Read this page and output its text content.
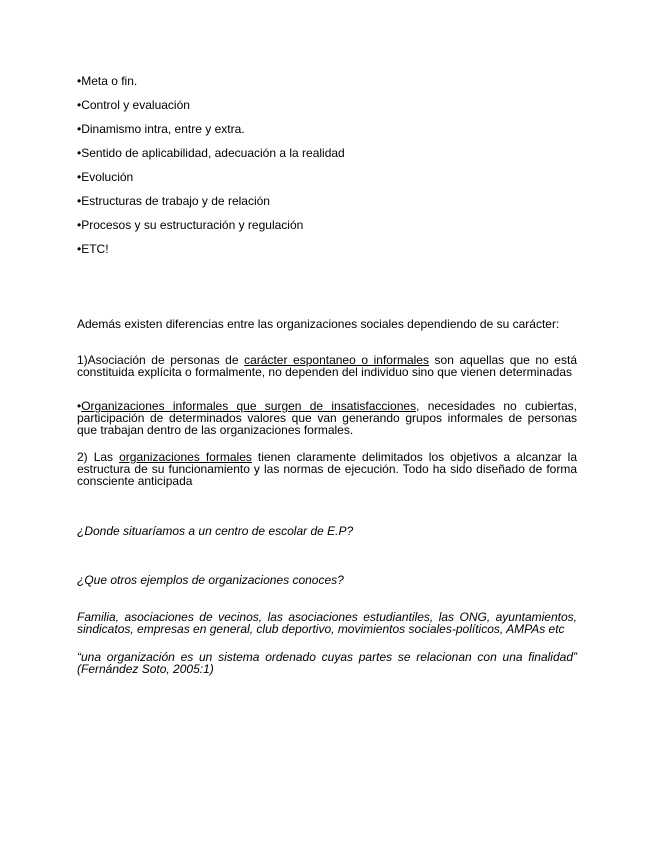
•Meta o fin.
•Control y evaluación
•Dinamismo intra, entre y extra.
•Sentido de aplicabilidad, adecuación a la realidad
•Evolución
•Estructuras de trabajo y de relación
•Procesos y su estructuración y regulación
•ETC!

Además existen diferencias entre las organizaciones sociales dependiendo de su carácter:

1)Asociación de personas de carácter espontaneo o informales son aquellas que no está constituida explícita o formalmente, no dependen del individuo sino que vienen determinadas

•Organizaciones informales que surgen de insatisfacciones, necesidades no cubiertas, participación de determinados valores que van generando grupos informales de personas que trabajan dentro de las organizaciones formales.

2) Las organizaciones formales tienen claramente delimitados los objetivos a alcanzar la estructura de su funcionamiento y las normas de ejecución. Todo ha sido diseñado de forma consciente anticipada

¿Donde situaríamos a un centro de escolar de E.P?

¿Que otros ejemplos de organizaciones conoces?

Familia, asociaciones de vecinos, las asociaciones estudiantiles, las ONG, ayuntamientos, sindicatos, empresas en general, club deportivo, movimientos sociales-políticos, AMPAs etc

“una organización es un sistema ordenado cuyas partes se relacionan con una finalidad” (Fernández Soto, 2005:1)
